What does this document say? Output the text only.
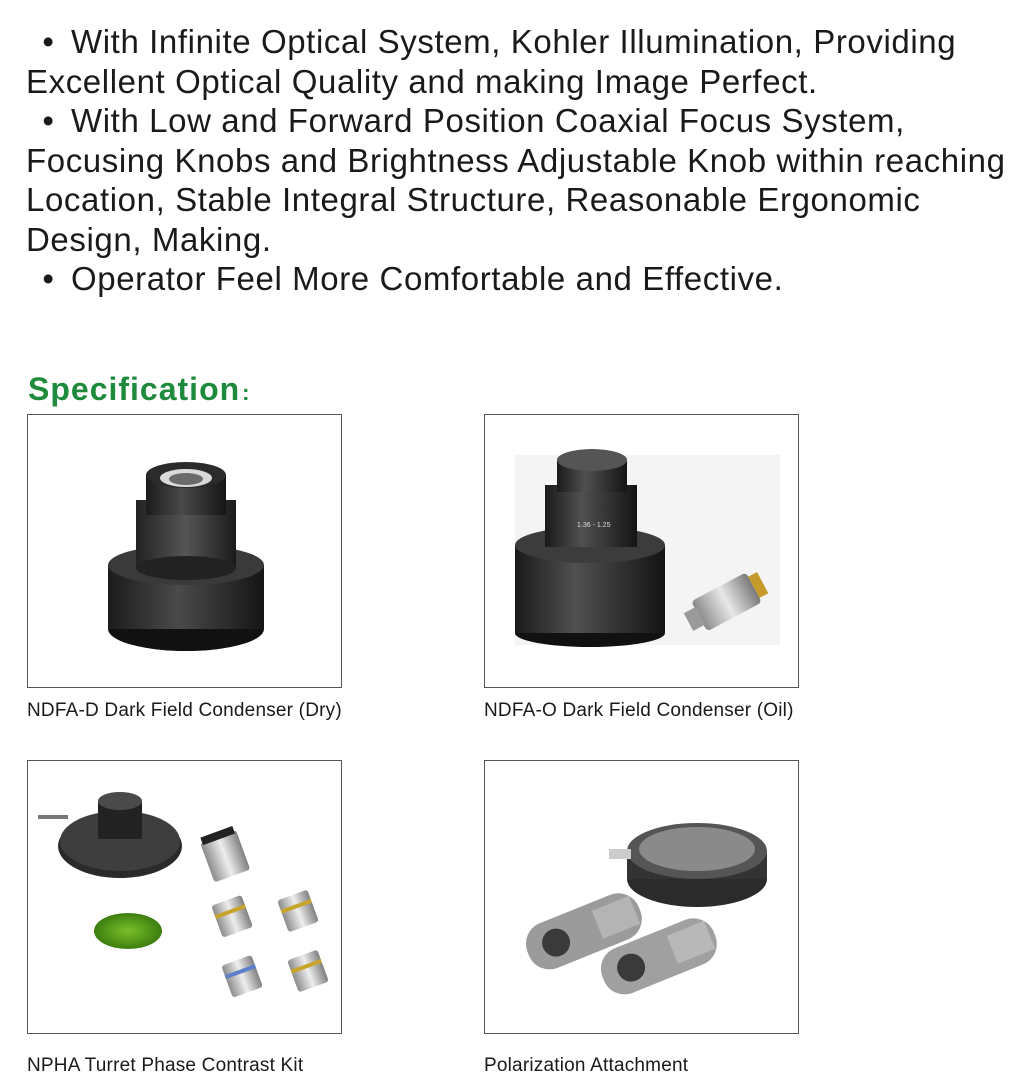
• With Infinite Optical System, Kohler Illumination, Providing Excellent Optical Quality and making Image Perfect.

• With Low and Forward Position Coaxial Focus System, Focusing Knobs and Brightness Adjustable Knob within reaching Location, Stable Integral Structure, Reasonable Ergonomic Design, Making.

• Operator Feel More Comfortable and Effective.

Specification:
NDFA-D Dark Field Condenser (Dry)
1.36 - 1.25
NDFA-O Dark Field Condenser (Oil)
NPHA Turret Phase Contrast Kit	Polarization Attachment
